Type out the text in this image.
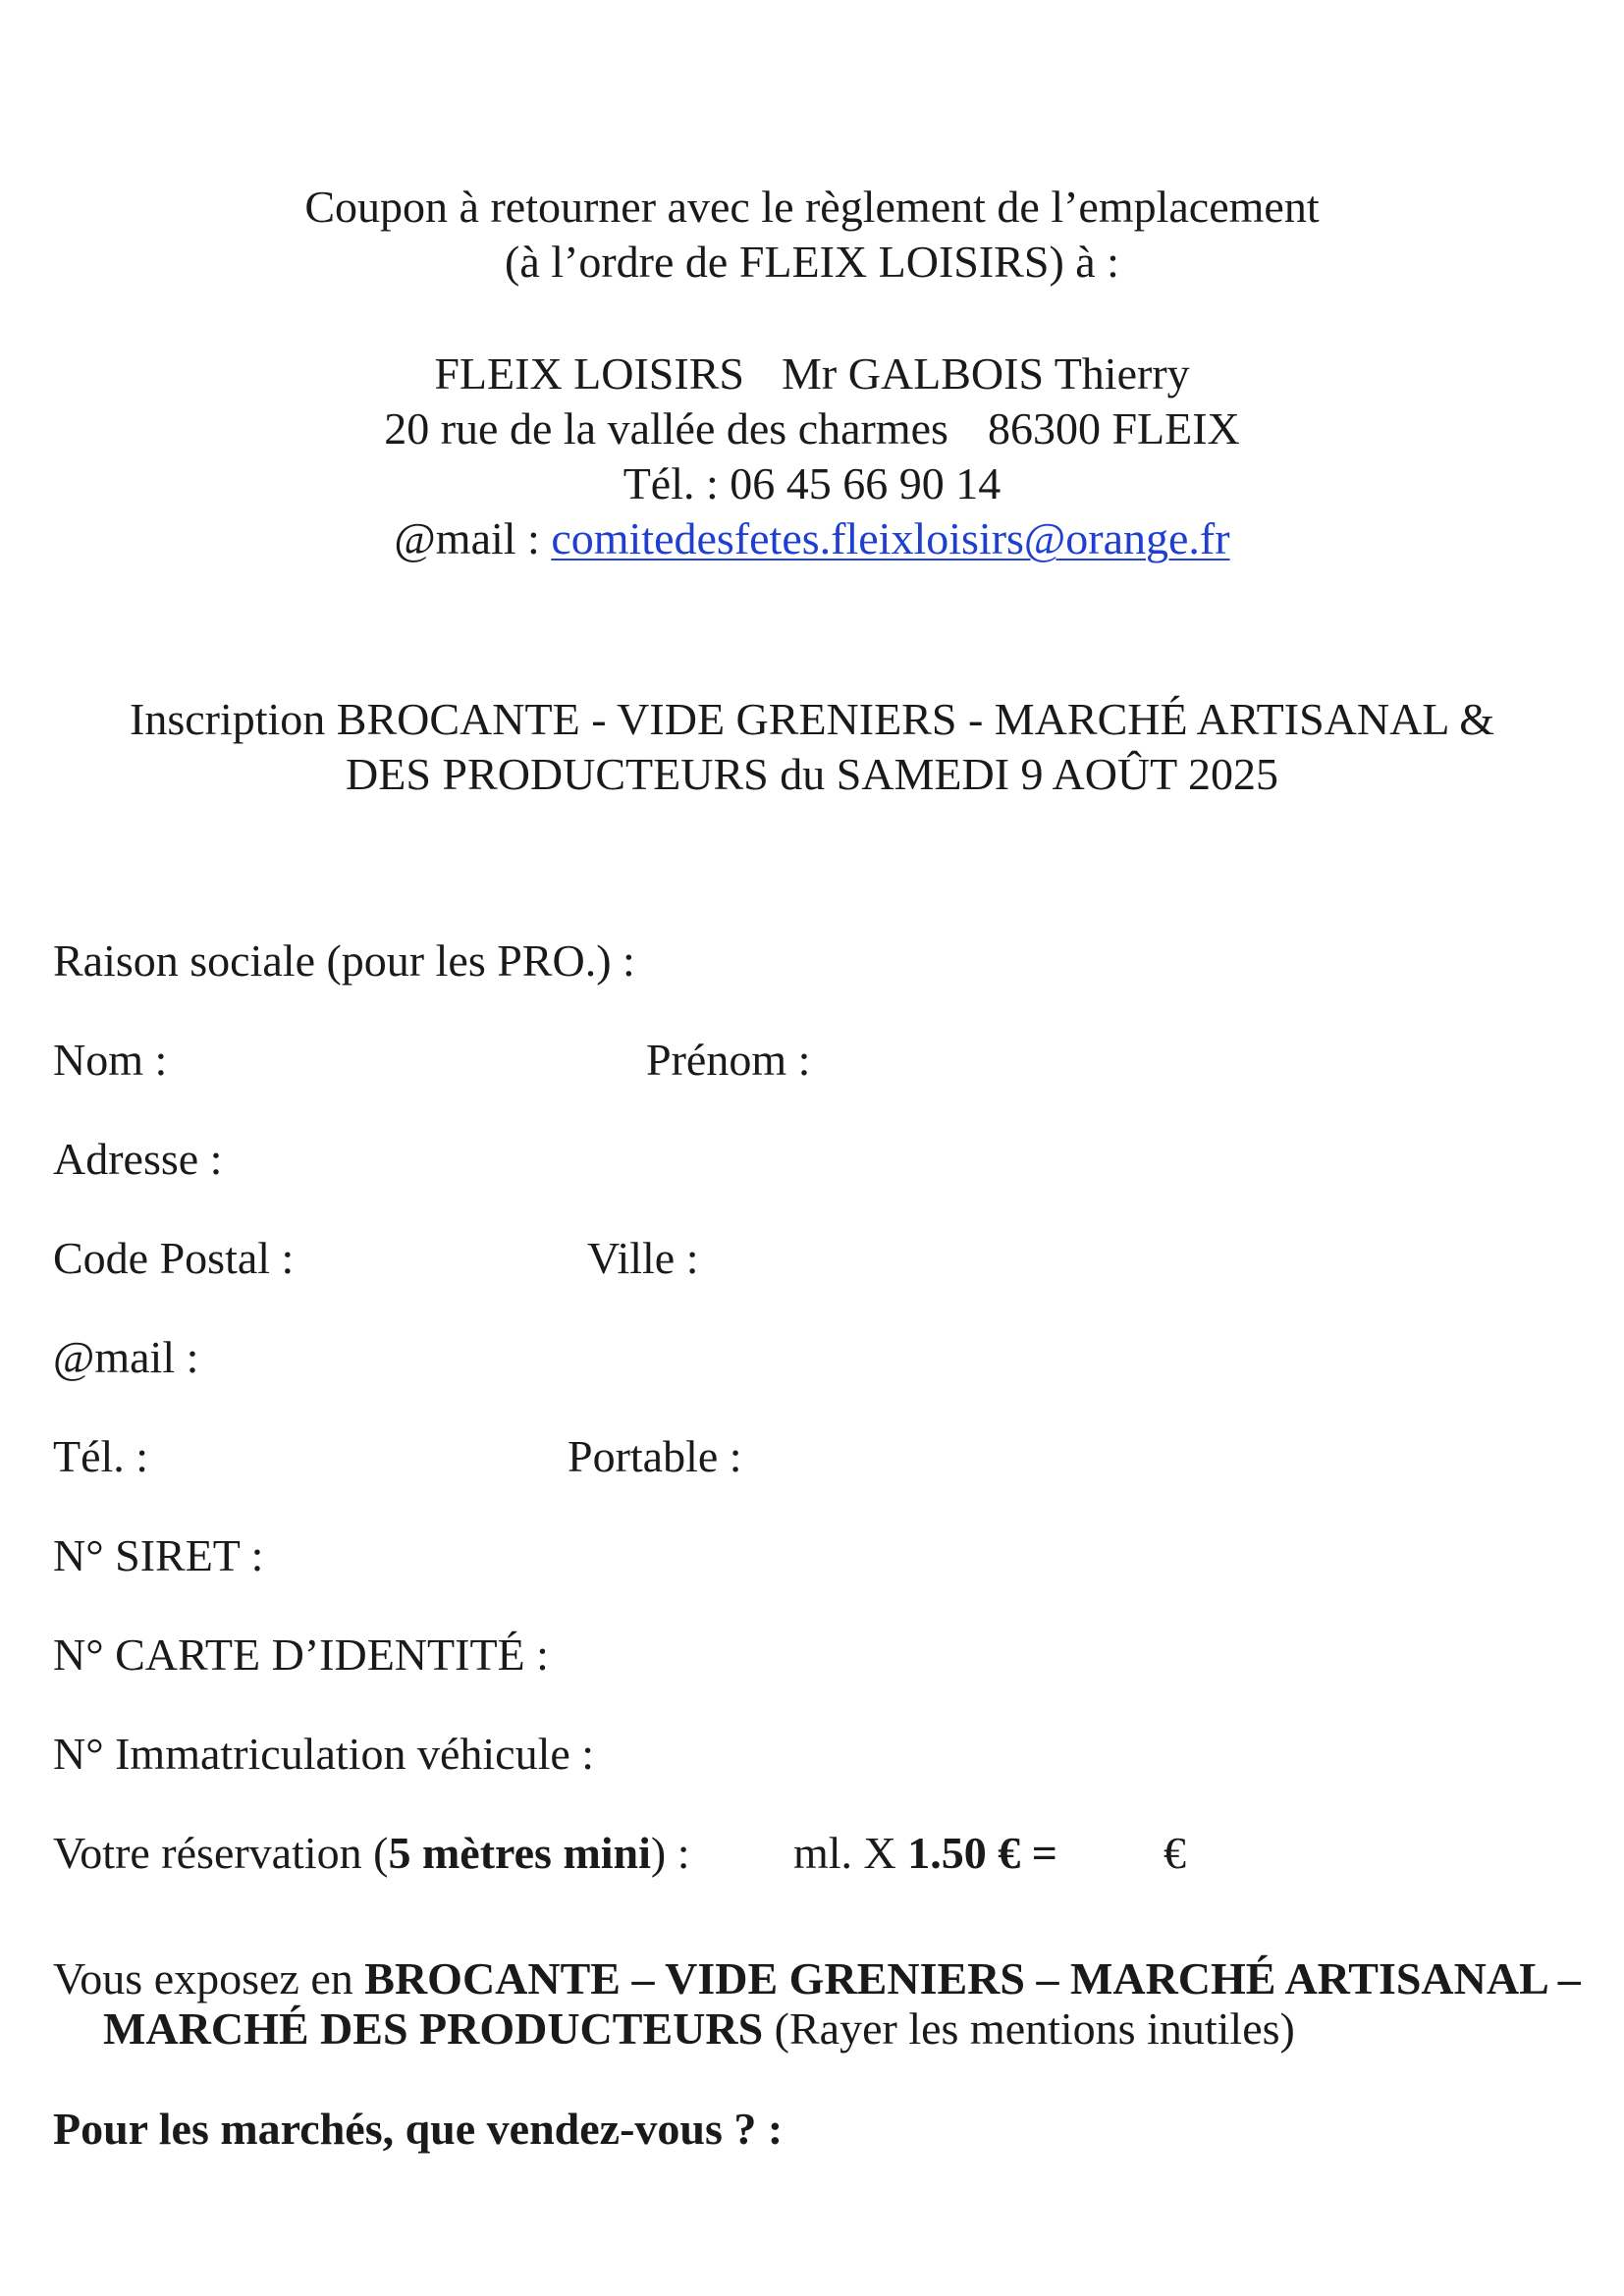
Coupon à retourner avec le règlement de l’emplacement
(à l’ordre de FLEIX LOISIRS) à :
FLEIX LOISIRS Mr GALBOIS Thierry
20 rue de la vallée des charmes 86300 FLEIX
Tél. : 06 45 66 90 14
@mail : comitedesfetes.fleixloisirs@orange.fr
Inscription BROCANTE - VIDE GRENIERS - MARCHÉ ARTISANAL &
DES PRODUCTEURS du SAMEDI 9 AOÛT 2025
Raison sociale (pour les PRO.) :
Nom :	Prénom :
Adresse :
Code Postal :	Ville :
@mail :
Tél. :	Portable :
N° SIRET :
N° CARTE D’IDENTITÉ :
N° Immatriculation véhicule :
Votre réservation (5 mètres mini) : ml. X 1.50 € = €
Vous exposez en BROCANTE – VIDE GRENIERS – MARCHÉ ARTISANAL –
MARCHÉ DES PRODUCTEURS (Rayer les mentions inutiles)
Pour les marchés, que vendez-vous ? :
